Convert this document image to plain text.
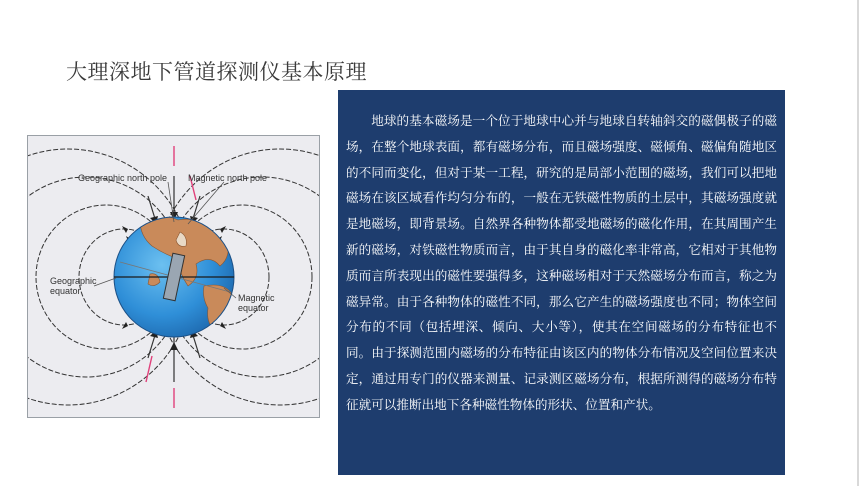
大理深地下管道探测仪基本原理
Geographic north pole Magnetic north pole
Geographic
equator
Magnetic
equator

地球的基本磁场是一个位于地球中心并与地球自转轴斜交的磁偶极子的磁场，在整个地球表面，都有磁场分布，而且磁场强度、磁倾角、磁偏角随地区的不同而变化，但对于某一工程，研究的是局部小范围的磁场，我们可以把地磁场在该区域看作均匀分布的，一般在无铁磁性物质的土层中，其磁场强度就是地磁场，即背景场。自然界各种物体都受地磁场的磁化作用，在其周围产生新的磁场，对铁磁性物质而言，由于其自身的磁化率非常高，它相对于其他物质而言所表现出的磁性要强得多，这种磁场相对于天然磁场分布而言，称之为磁异常。由于各种物体的磁性不同，那么它产生的磁场强度也不同；物体空间分布的不同（包括埋深、倾向、大小等），使其在空间磁场的分布特征也不同。由于探测范围内磁场的分布特征由该区内的物体分布情况及空间位置来决定，通过用专门的仪器来测量、记录测区磁场分布，根据所测得的磁场分布特征就可以推断出地下各种磁性物体的形状、位置和产状。
